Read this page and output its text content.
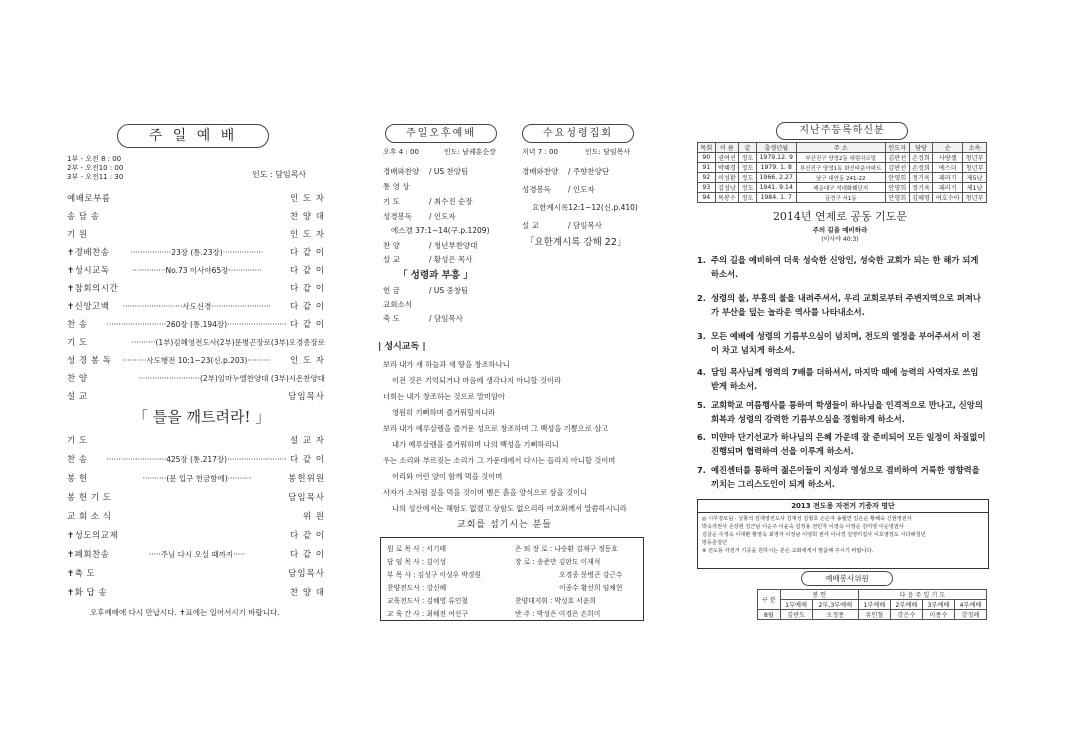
주 일 예 배
1부 - 오전 8 : 00
2부 - 오전10 : 00
3부 - 오전11 : 30	인도 : 담임목사
예배로부름	인 도 자
송 담 송	찬 양 대
기 원	인 도 자
✝경배찬송	·················23장 (통.23장)·················	다 같 이
✝성시교독	··············No.73 이사야65장··············	다 같 이
✝참회의시간	다 같 이
✝신앙고백	·························사도신경·························	다 같 이
찬 송	·························260장 (통.194장)························· 다 같 이
기 도	··········(1부)김혜영전도사(2부)문병곤장로(3부)오경종장로
성 경 봉 독	··········사도행전 10:1~23(신.p.203)··········	인 도 자
찬 양	··························(2부)임마누엘찬양대 (3부)시온찬양대
설 교	담임목사
「 틀을 깨트려라! 」
기 도	설 교 자
찬 송	·························425장 (통.217장)························· 다 같 이
봉 헌	··········(문 입구 헌금함에)··········	봉헌위원
봉 헌 기 도	담임목사
교 회 소 식	위 원
✝성도의교제	다 같 이
✝폐회찬송	·····주님 다시 오실 때까지·····	다 같 이
✝축 도	담임목사
✝화 답 송	찬 양 대
오후예배에 다시 만납시다. ✝표에는 일어서시기 바랍니다.
주일오후예배	수요성령집회
오후 4 : 00	인도: 남궤훈순장	저녁 7 : 00	인도: 담임목사
경배와찬양	/ US 찬양팀
통 영 상
기 도	/ 최수진 순장
성경봉독	/ 인도자
에스겔 37:1~14(구.p.1209)
찬 양	/ 청년부찬양대
설 교	/ 황성은 목사
「 성령과 부흥 」
헌 금	/ US 중창팀
교회소식
축 도	/ 담임목사
경배와찬양	/ 주향찬양단
성경봉독	/ 인도자
요한계시록12:1~12(신.p.410)
설 교	/ 담임목사
「요한계시록 강해 22」
| 성시교독 |
보라 내가 새 하늘과 새 땅을 창조하나니
이전 것은 기억되거나 마음에 생각나지 아니할 것이라
너희는 내가 창조하는 것으로 말미암아
영원히 기뻐하며 즐거워할지니라
보라 내가 예루살렘을 즐거운 성으로 창조하며 그 백성을 기쁨으로 삼고
내가 예루살렘을 즐거워하며 나의 백성을 기뻐하리니
우는 소리와 부르짖는 소리가 그 가운데에서 다시는 들리지 아니할 것이며
이리와 어린 양이 함께 먹을 것이며
사자가 소처럼 짚을 먹을 것이며 뱀은 흙을 양식으로 삼을 것이니
나의 성산에서는 해함도 없겠고 상함도 없으리라 여호와께서 말씀하시니라
교회를 섬기시는 분들
원 로 목 사 : 서기태	은 퇴 장 로 : 나승환 김재구 정동호
담 임 목 사 : 김이성	장 로 : 송준만 김판도 이재석
부 목 사 : 김성구 이성우 박경원	오경종 문병곤 강근수
찬양전도사 : 강신혜	이종수 황선희 임채현
교육전도사 : 김혜영 류인철	찬양대지휘 : 박성호 서윤희
교 육 간 사 : 최혜전 여선구	반 주 : 박성은 이경은 손희미
지난주등록하신분
목회	이 름	같	출생년월	주 소	인도자	담당	순	소속
90	권여선	정도	1979.12. 9	부산진구 양정2동 대림쉬르빌	김판선	손정희	사랑셀	청년부
91	박혜경	정도	1979. 1. 8	부산진구 양정1동 화신타운아파트	김판선	손정희	에스더	청년부
92	이성환	정도	1966. 2.27	남구 대연동 241-22	안영희	정기욱	패러기	제5남
93	김성남	정도	1941. 9.14	해운대구 석대화훼단지	안영희	정기욱	패러기	제1남
94	목봉수	정도	1984. 1. 7	금정구 서1동	안영희	김혜영	여호수아	청년부
2014년 연제로 공동 기도문
주의 길을 예비하라
(이사야 40:3)
1. 주의 길을 예비하여 더욱 성숙한 신앙인, 성숙한 교회가 되는 한 해가 되게 하소서.
2. 성령의 불, 부흥의 불을 내려주셔서, 우리 교회로부터 주변지역으로 퍼져나가 부산을 덮는 놀라운 역사를 나타내소서.
3. 모든 예배에 성령의 기름부으심이 넘치며, 전도의 열정을 부어주셔서 이 전이 차고 넘치게 하소서.
4. 담임 목사님께 영력의 7배를 더하셔서, 마지막 때에 능력의 사역자로 쓰임 받게 하소서.
5. 교회학교 여름행사를 통하여 학생들이 하나님을 인격적으로 만나고, 신앙의 회복과 성령의 강력한 기름부으심을 경험하게 하소서.
6. 미얀마 단기선교가 하나님의 은혜 가운데 잘 준비되어 모든 일정이 차질없이 진행되며 협력하여 선을 이루게 하소서.
7. 예진센터를 통하여 젊은이들이 지성과 영성으로 겸비하여 거룩한 영향력을 끼치는 그리스도인이 되게 하소서.
2013 전도용 자전거 기증자 명단
◎ 시무장로님 · 성봉석 김재영전도사 김재성 김형호 손은자 송월연 김은순 황혜숙 신현영전사
박숙자권사 손상현 김근남 이순주 이윤숙 김정용 권민자 이영옥 이영순 김미영 이순영권사
김금순 주정숙 이대환 황영숙 최영자 이정남 이영희 권사 이나경 김영미집사 이호영장도 시다해청년
방동훈청년
※ 전도용 자전거 기증을 원하시는 분은 교회에게서 말씀해 주시기 바랍니다.
예배봉사위원
구 분	봉 헌		다 음 주 일 기 도			
	1부예배	2부,3부예배	1부예배	2부예배	3부예배	4부예배
8월	김판도	오정종	류인철	강은수	이종수	강정례
